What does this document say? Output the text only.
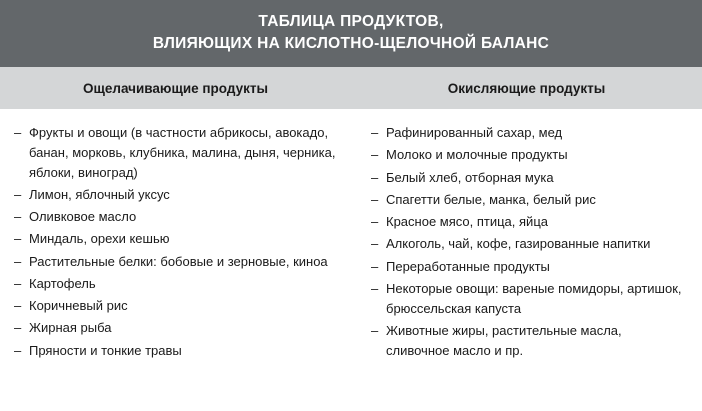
ТАБЛИЦА ПРОДУКТОВ,
ВЛИЯЮЩИХ НА КИСЛОТНО-ЩЕЛОЧНОЙ БАЛАНС
Ощелачивающие продукты	Окисляющие продукты
– Фрукты и овощи (в частности абрикосы, авокадо, банан, морковь, клубника, малина, дыня, черника, яблоки, виноград)
– Лимон, яблочный уксус
– Оливковое масло
– Миндаль, орехи кешью
– Растительные белки: бобовые и зерновые, киноа
– Картофель
– Коричневый рис
– Жирная рыба
– Пряности и тонкие травы
– Рафинированный сахар, мед
– Молоко и молочные продукты
– Белый хлеб, отборная мука
– Спагетти белые, манка, белый рис
– Красное мясо, птица, яйца
– Алкоголь, чай, кофе, газированные напитки
– Переработанные продукты
– Некоторые овощи: вареные помидоры, артишок, брюссельская капуста
– Животные жиры, растительные масла, сливочное масло и пр.
